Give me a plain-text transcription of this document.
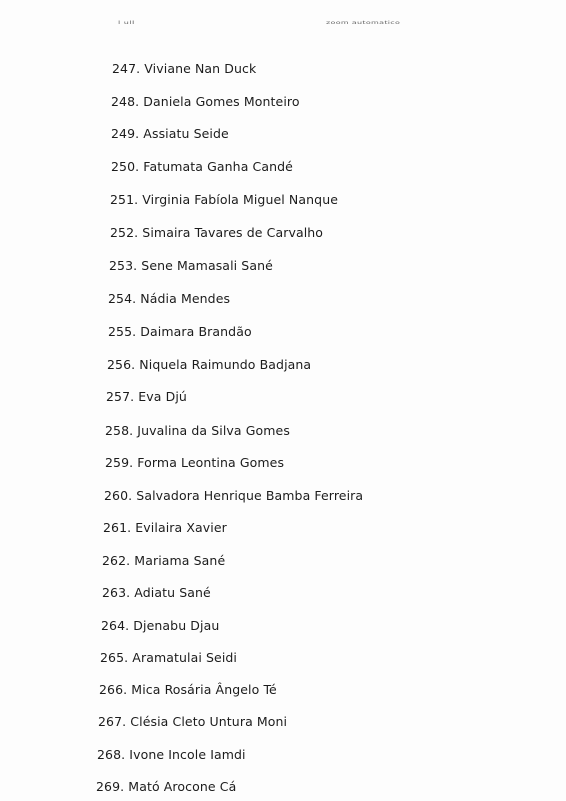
l ulI	zoom automatico
247. Viviane Nan Duck
248. Daniela Gomes Monteiro
249. Assiatu Seide
250. Fatumata Ganha Candé
251. Virginia Fabíola Miguel Nanque
252. Simaira Tavares de Carvalho
253. Sene Mamasali Sané
254. Nádia Mendes
255. Daimara Brandão
256. Niquela Raimundo Badjana
257. Eva Djú
258. Juvalina da Silva Gomes
259. Forma Leontina Gomes
260. Salvadora Henrique Bamba Ferreira
261. Evilaira Xavier
262. Mariama Sané
263. Adiatu Sané
264. Djenabu Djau
265. Aramatulai Seidi
266. Mica Rosária Ângelo Té
267. Clésia Cleto Untura Moni
268. Ivone Incole Iamdi
269. Mató Arocone Cá
